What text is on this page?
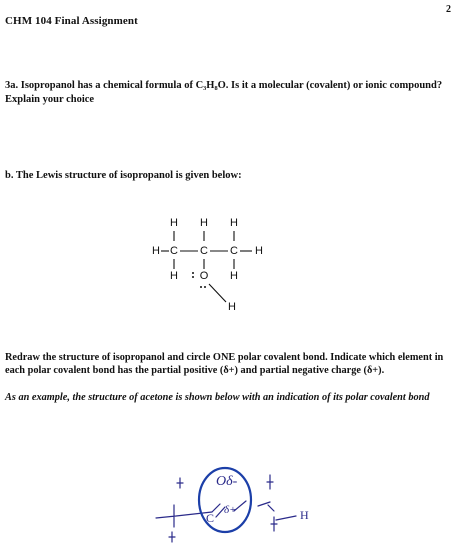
2
CHM 104 Final Assignment
3a. Isopropanol has a chemical formula of C₃H₈O. Is it a molecular (covalent) or ionic compound? Explain your choice
b. The Lewis structure of isopropanol is given below:
H H H
H C C C H
H O H
H
Redraw the structure of isopropanol and circle ONE polar covalent bond. Indicate which element in each polar covalent bond has the partial positive (δ+) and partial negative charge (δ+).
As an example, the structure of acetone is shown below with an indication of its polar covalent bond
Oδ-
δ+
C	H
